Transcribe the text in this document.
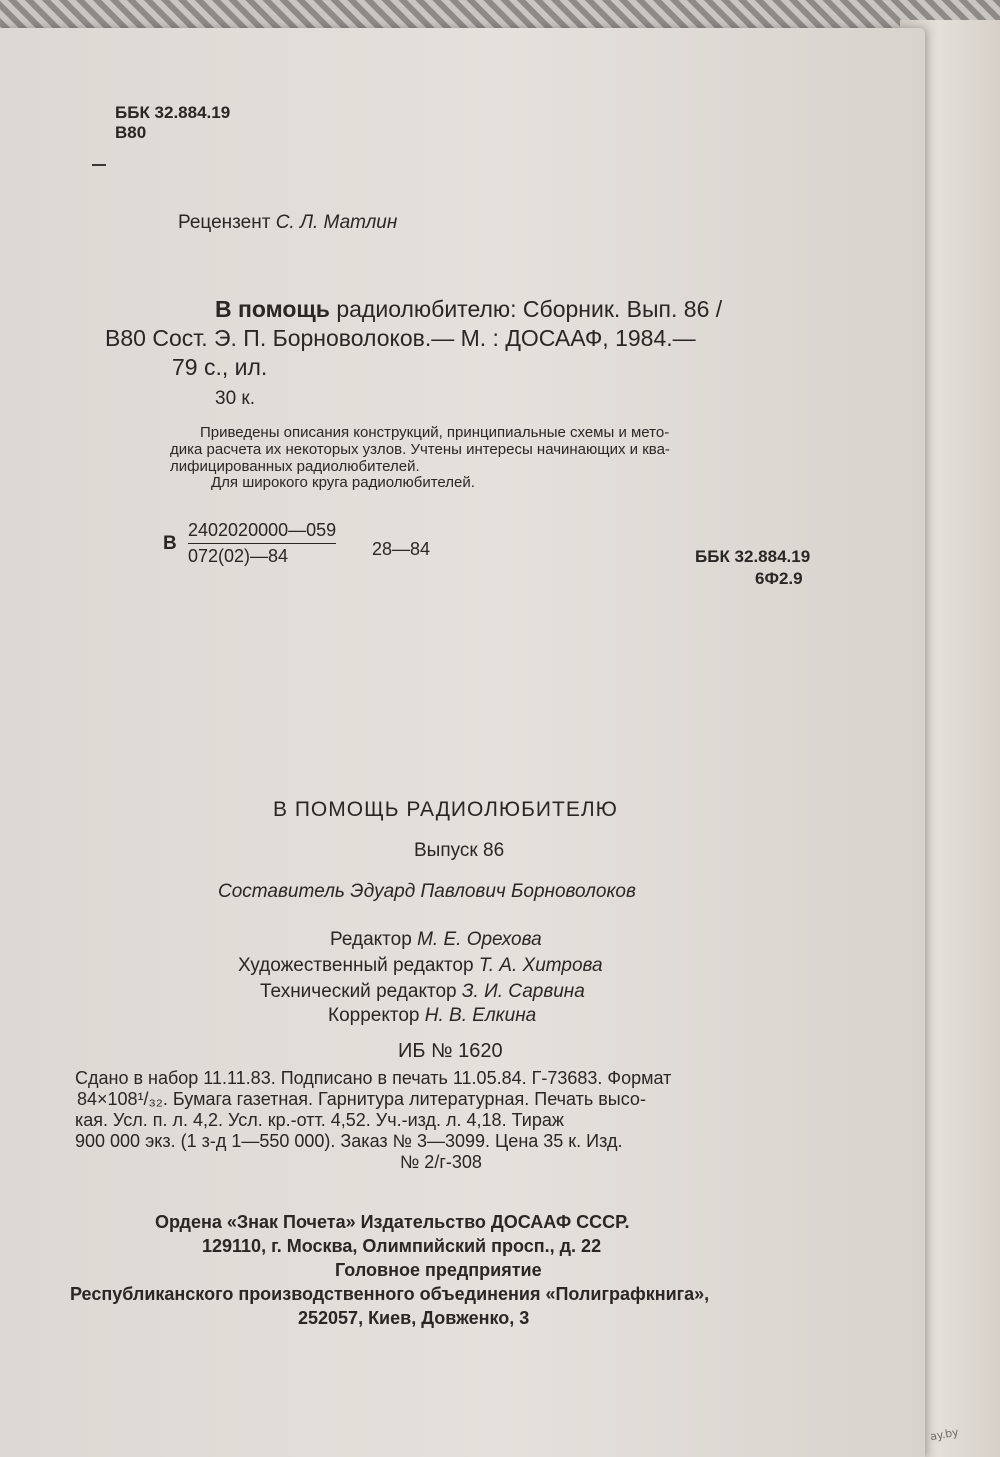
ББК 32.884.19
В80
Рецензент С. Л. Матлин
В помощь радиолюбителю: Сборник. Вып. 86 /
В80 Сост. Э. П. Борноволоков.— М. : ДОСААФ, 1984.—
79 с., ил.
30 к.
Приведены описания конструкций, принципиальные схемы и мето-
дика расчета их некоторых узлов. Учтены интересы начинающих и ква-
лифицированных радиолюбителей.
Для широкого круга радиолюбителей.
В $\frac{2402020000—059}{072(02)—84}$ 28—84	ББК 32.884.19
6Ф2.9
В ПОМОЩЬ РАДИОЛЮБИТЕЛЮ
Выпуск 86
Составитель Эдуард Павлович Борноволоков
Редактор М. Е. Орехова
Художественный редактор Т. А. Хитрова
Технический редактор З. И. Сарвина
Корректор Н. В. Елкина
ИБ № 1620
Сдано в набор 11.11.83. Подписано в печать 11.05.84. Г-73683. Формат
84×108¹/₃₂. Бумага газетная. Гарнитура литературная. Печать высо-
кая. Усл. п. л. 4,2. Усл. кр.-отт. 4,52. Уч.-изд. л. 4,18. Тираж
900 000 экз. (1 з-д 1—550 000). Заказ № 3—3099. Цена 35 к. Изд.
№ 2/г-308
Ордена «Знак Почета» Издательство ДОСААФ СССР.
129110, г. Москва, Олимпийский просп., д. 22
Головное предприятие
Республиканского производственного объединения «Полиграфкнига»,
252057, Киев, Довженко, 3
ay.by
